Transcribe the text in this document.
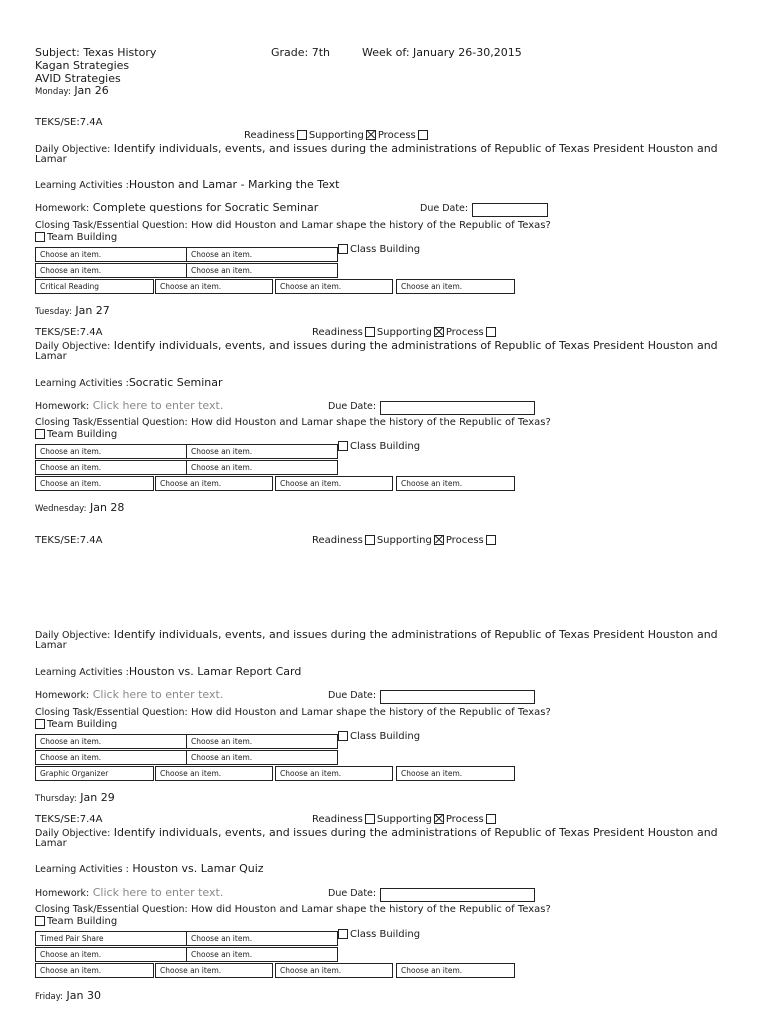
Subject: Texas History	Grade: 7th	Week of: January 26-30,2015
Kagan Strategies
AVID Strategies
Monday: Jan 26
TEKS/SE:7.4A
Readiness Supporting Process
Daily Objective: Identify individuals, events, and issues during the administrations of Republic of Texas President Houston and
Lamar
Learning Activities :Houston and Lamar - Marking the Text
Homework: Complete questions for Socratic Seminar	Due Date:
Closing Task/Essential Question: How did Houston and Lamar shape the history of the Republic of Texas?
Team Building
Class Building
Choose an item.	Choose an item.
Choose an item.	Choose an item.
Critical Reading	Choose an item.	Choose an item.	Choose an item.
Tuesday: Jan 27
TEKS/SE:7.4A	Readiness Supporting Process
Daily Objective: Identify individuals, events, and issues during the administrations of Republic of Texas President Houston and
Lamar
Learning Activities :Socratic Seminar
Homework: Click here to enter text.	Due Date:
Closing Task/Essential Question: How did Houston and Lamar shape the history of the Republic of Texas?
Team Building
Class Building
Choose an item.	Choose an item.
Choose an item.	Choose an item.
Choose an item.	Choose an item.	Choose an item.	Choose an item.
Wednesday: Jan 28
TEKS/SE:7.4A	Readiness Supporting Process
Daily Objective: Identify individuals, events, and issues during the administrations of Republic of Texas President Houston and
Lamar
Learning Activities :Houston vs. Lamar Report Card
Homework: Click here to enter text.	Due Date:
Closing Task/Essential Question: How did Houston and Lamar shape the history of the Republic of Texas?
Team Building
Class Building
Choose an item.	Choose an item.
Choose an item.	Choose an item.
Graphic Organizer	Choose an item.	Choose an item.	Choose an item.
Thursday: Jan 29
TEKS/SE:7.4A	Readiness Supporting Process
Daily Objective: Identify individuals, events, and issues during the administrations of Republic of Texas President Houston and
Lamar
Learning Activities : Houston vs. Lamar Quiz
Homework: Click here to enter text.	Due Date:
Closing Task/Essential Question: How did Houston and Lamar shape the history of the Republic of Texas?
Team Building
Class Building
Timed Pair Share	Choose an item.
Choose an item.	Choose an item.
Choose an item.	Choose an item.	Choose an item.	Choose an item.
Friday: Jan 30
